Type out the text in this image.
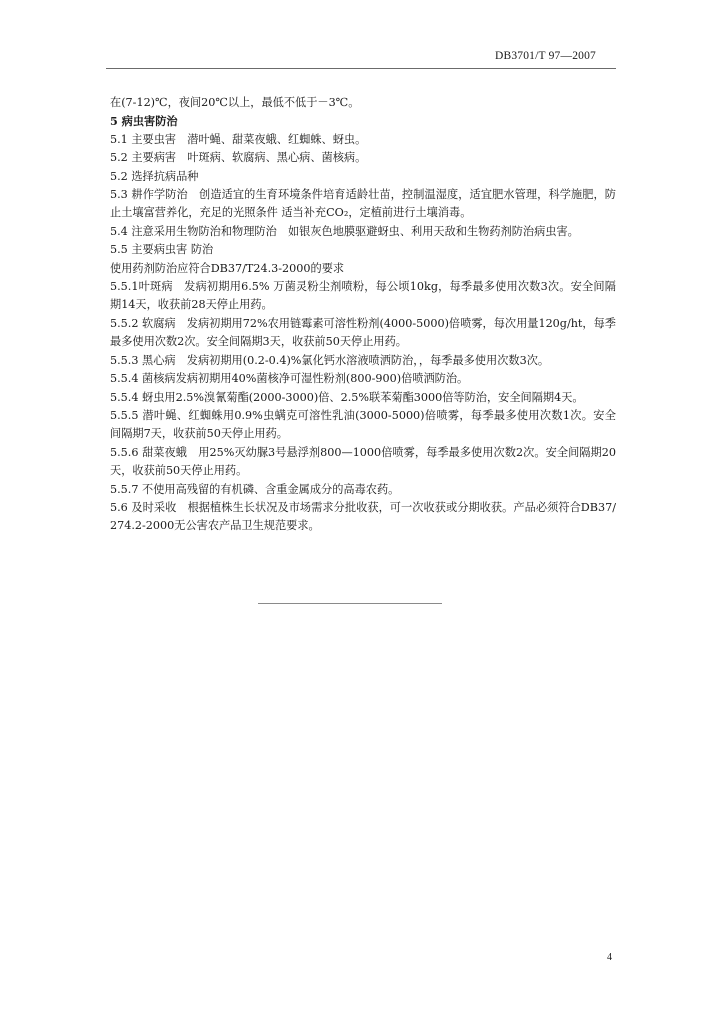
DB3701/T 97—2007

在(7-12)℃，夜间20℃以上，最低不低于－3℃。

5 病虫害防治

5.1 主要虫害　潜叶蝇、甜菜夜蛾、红蜘蛛、蚜虫。

5.2 主要病害　叶斑病、软腐病、黑心病、菌核病。

5.2 选择抗病品种

5.3 耕作学防治　创造适宜的生育环境条件培育适龄壮苗，控制温湿度，适宜肥水管理，科学施肥，防止土壤富营养化，充足的光照条件 适当补充CO₂，定植前进行土壤消毒。

5.4 注意采用生物防治和物理防治　如银灰色地膜驱避蚜虫、利用天敌和生物药剂防治病虫害。

5.5 主要病虫害 防治

使用药剂防治应符合DB37/T24.3-2000的要求

5.5.1叶斑病　发病初期用6.5% 万菌灵粉尘剂喷粉，每公顷10kg，每季最多使用次数3次。安全间隔期14天，收获前28天停止用药。

5.5.2 软腐病　发病初期用72%农用链霉素可溶性粉剂(4000-5000)倍喷雾，每次用量120g/ht，每季最多使用次数2次。安全间隔期3天，收获前50天停止用药。

5.5.3 黑心病　发病初期用(0.2-0.4)%氯化钙水溶液喷洒防治，，每季最多使用次数3次。

5.5.4 菌核病发病初期用40%菌核净可湿性粉剂(800-900)倍喷洒防治。

5.5.4 蚜虫用2.5%溴氰菊酯(2000-3000)倍、2.5%联苯菊酯3000倍等防治，安全间隔期4天。

5.5.5 潜叶蝇、红蜘蛛用0.9%虫螨克可溶性乳油(3000-5000)倍喷雾，每季最多使用次数1次。安全间隔期7天，收获前50天停止用药。

5.5.6 甜菜夜蛾　用25%灭幼脲3号悬浮剂800—1000倍喷雾，每季最多使用次数2次。安全间隔期20天，收获前50天停止用药。

5.5.7 不使用高残留的有机磷、含重金属成分的高毒农药。

5.6 及时采收　根据植株生长状况及市场需求分批收获，可一次收获或分期收获。产品必须符合DB37/274.2-2000无公害农产品卫生规范要求。

4
